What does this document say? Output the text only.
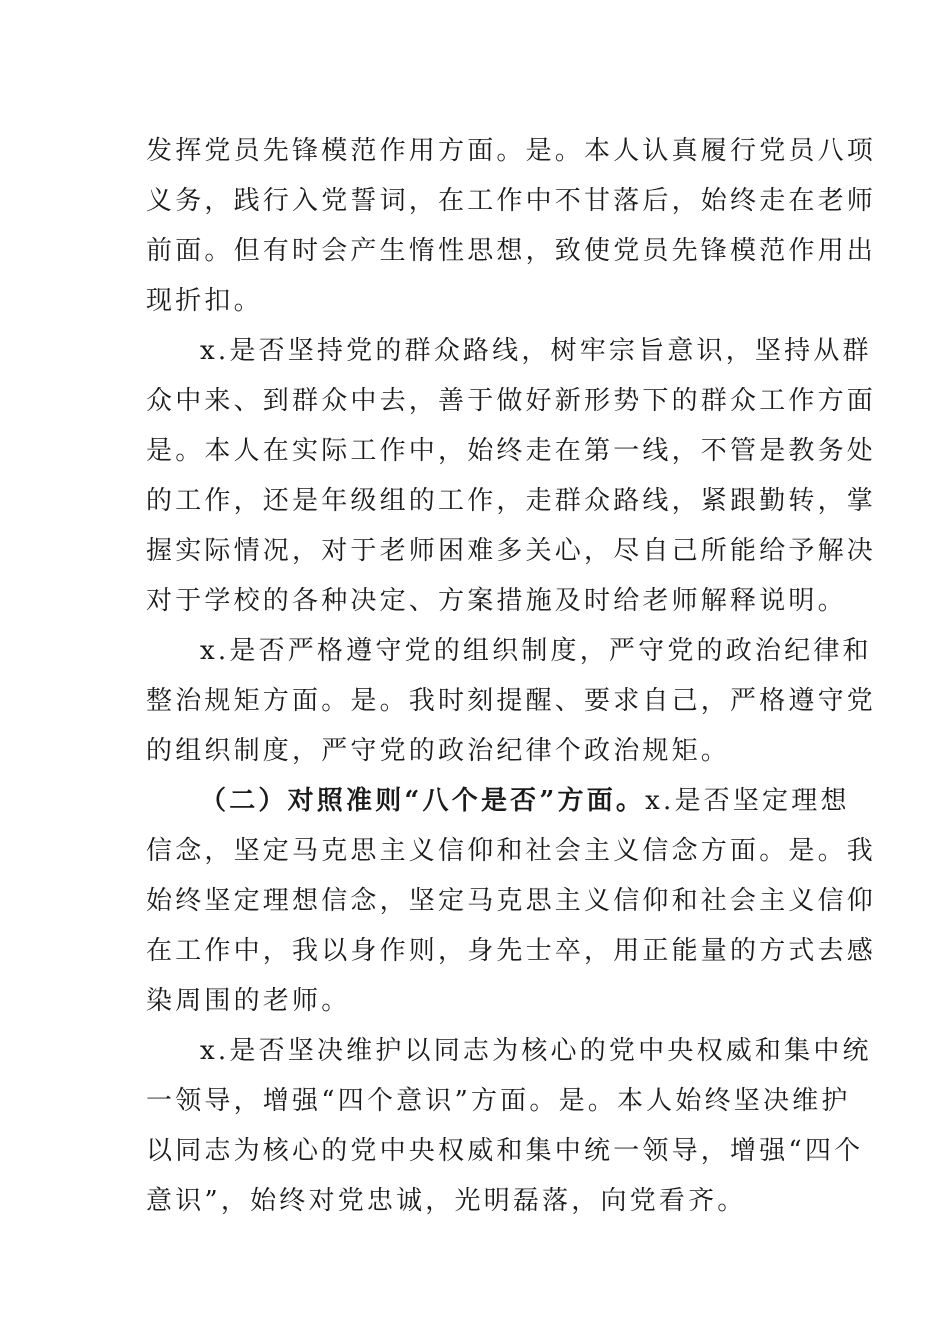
发挥党员先锋模范作用方面。是。本人认真履行党员八项
义务，践行入党誓词，在工作中不甘落后，始终走在老师
前面。但有时会产生惰性思想，致使党员先锋模范作用出
现折扣。
x.是否坚持党的群众路线，树牢宗旨意识，坚持从群
众中来、到群众中去，善于做好新形势下的群众工作方面
是。本人在实际工作中，始终走在第一线，不管是教务处
的工作，还是年级组的工作，走群众路线，紧跟勤转，掌
握实际情况，对于老师困难多关心，尽自己所能给予解决
对于学校的各种决定、方案措施及时给老师解释说明。
x.是否严格遵守党的组织制度，严守党的政治纪律和
整治规矩方面。是。我时刻提醒、要求自己，严格遵守党
的组织制度，严守党的政治纪律个政治规矩。
（二）对照准则“八个是否”方面。x.是否坚定理想
信念，坚定马克思主义信仰和社会主义信念方面。是。我
始终坚定理想信念，坚定马克思主义信仰和社会主义信仰
在工作中，我以身作则，身先士卒，用正能量的方式去感
染周围的老师。
x.是否坚决维护以同志为核心的党中央权威和集中统
一领导，增强“四个意识”方面。是。本人始终坚决维护
以同志为核心的党中央权威和集中统一领导，增强“四个
意识”，始终对党忠诚，光明磊落，向党看齐。
